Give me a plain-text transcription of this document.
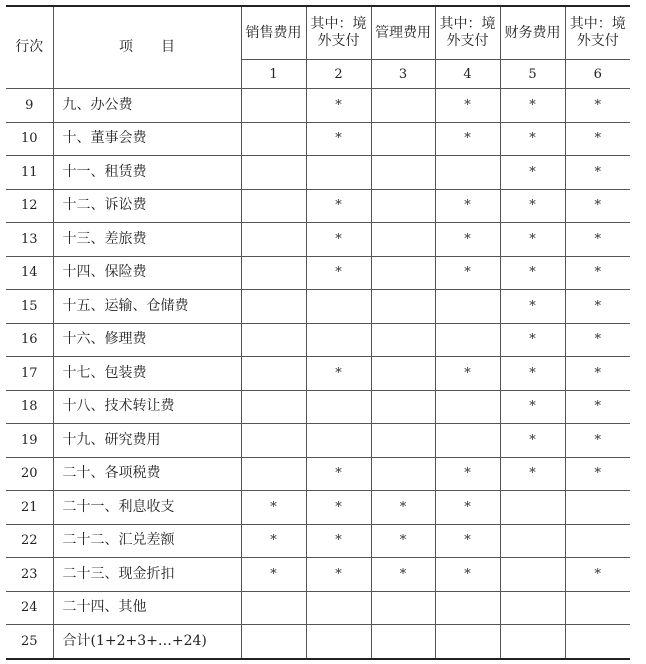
行次	项　　目	销售费用	其中：境外支付	管理费用	其中：境外支付	财务费用	其中：境外支付
		1	2	3	4	5	6
9	九、办公费		*		*	*	*
10	十、董事会费		*		*	*	*
11	十一、租赁费					*	*
12	十二、诉讼费		*		*	*	*
13	十三、差旅费		*		*	*	*
14	十四、保险费		*		*	*	*
15	十五、运输、仓储费					*	*
16	十六、修理费					*	*
17	十七、包装费		*		*	*	*
18	十八、技术转让费					*	*
19	十九、研究费用					*	*
20	二十、各项税费		*		*	*	*
21	二十一、利息收支	*	*	*	*		
22	二十二、汇兑差额	*	*	*	*		
23	二十三、现金折扣	*	*	*	*		*
24	二十四、其他						
25	合计(1+2+3+…+24)						
